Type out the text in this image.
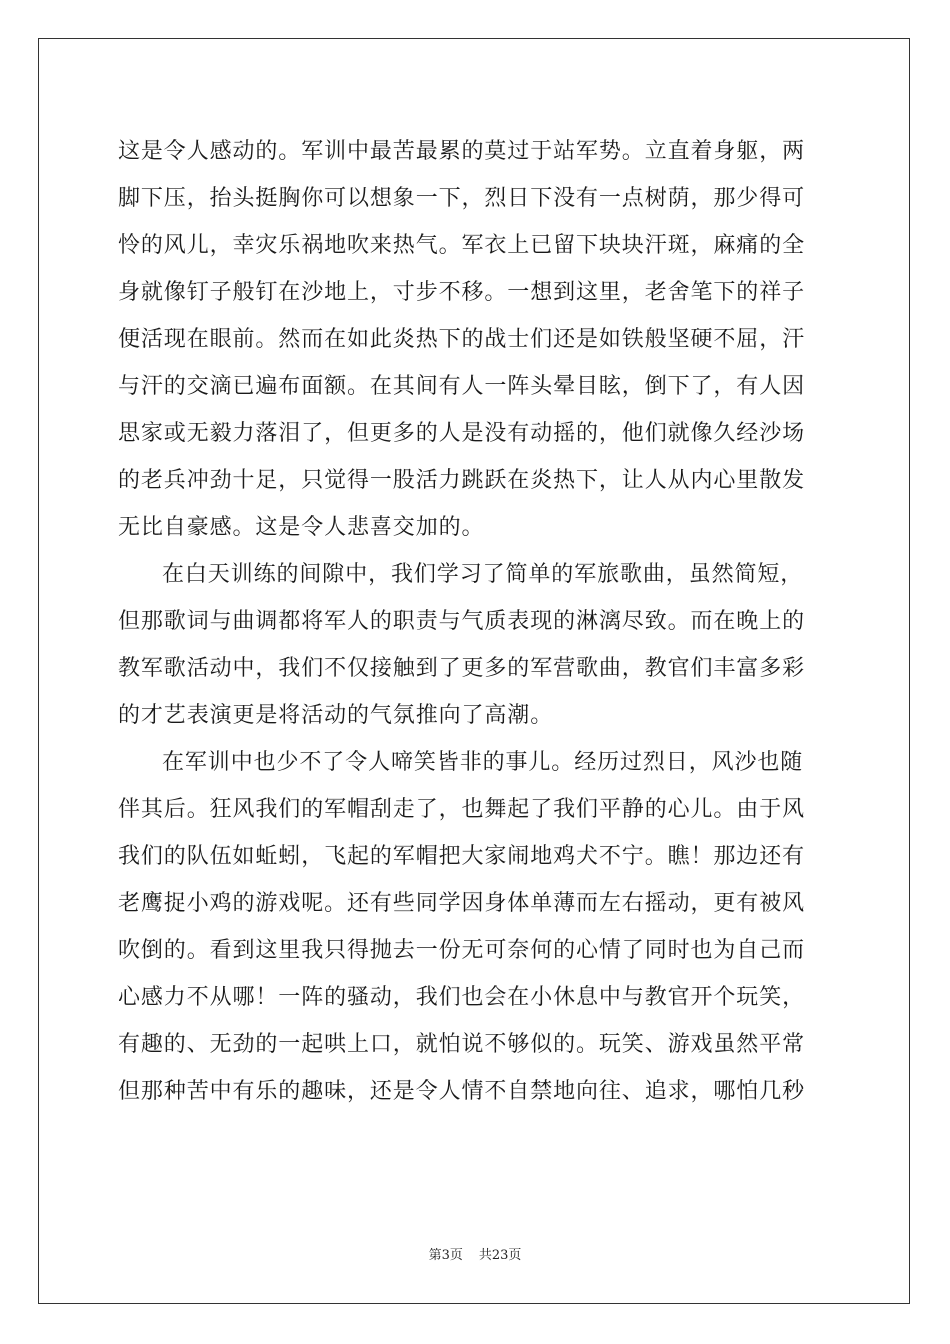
这是令人感动的。军训中最苦最累的莫过于站军势。立直着身躯，两
脚下压，抬头挺胸你可以想象一下，烈日下没有一点树荫，那少得可
怜的风儿，幸灾乐祸地吹来热气。军衣上已留下块块汗斑，麻痛的全
身就像钉子般钉在沙地上，寸步不移。一想到这里，老舍笔下的祥子
便活现在眼前。然而在如此炎热下的战士们还是如铁般坚硬不屈，汗
与汗的交滴已遍布面额。在其间有人一阵头晕目眩，倒下了，有人因
思家或无毅力落泪了，但更多的人是没有动摇的，他们就像久经沙场
的老兵冲劲十足，只觉得一股活力跳跃在炎热下，让人从内心里散发
无比自豪感。这是令人悲喜交加的。
在白天训练的间隙中，我们学习了简单的军旅歌曲，虽然简短，
但那歌词与曲调都将军人的职责与气质表现的淋漓尽致。而在晚上的
教军歌活动中，我们不仅接触到了更多的军营歌曲，教官们丰富多彩
的才艺表演更是将活动的气氛推向了高潮。
在军训中也少不了令人啼笑皆非的事儿。经历过烈日，风沙也随
伴其后。狂风我们的军帽刮走了，也舞起了我们平静的心儿。由于风
我们的队伍如蚯蚓，飞起的军帽把大家闹地鸡犬不宁。瞧！那边还有
老鹰捉小鸡的游戏呢。还有些同学因身体单薄而左右摇动，更有被风
吹倒的。看到这里我只得抛去一份无可奈何的心情了同时也为自己而
心感力不从哪！一阵的骚动，我们也会在小休息中与教官开个玩笑，
有趣的、无劲的一起哄上口，就怕说不够似的。玩笑、游戏虽然平常
但那种苦中有乐的趣味，还是令人情不自禁地向往、追求，哪怕几秒
第3页 共23页
